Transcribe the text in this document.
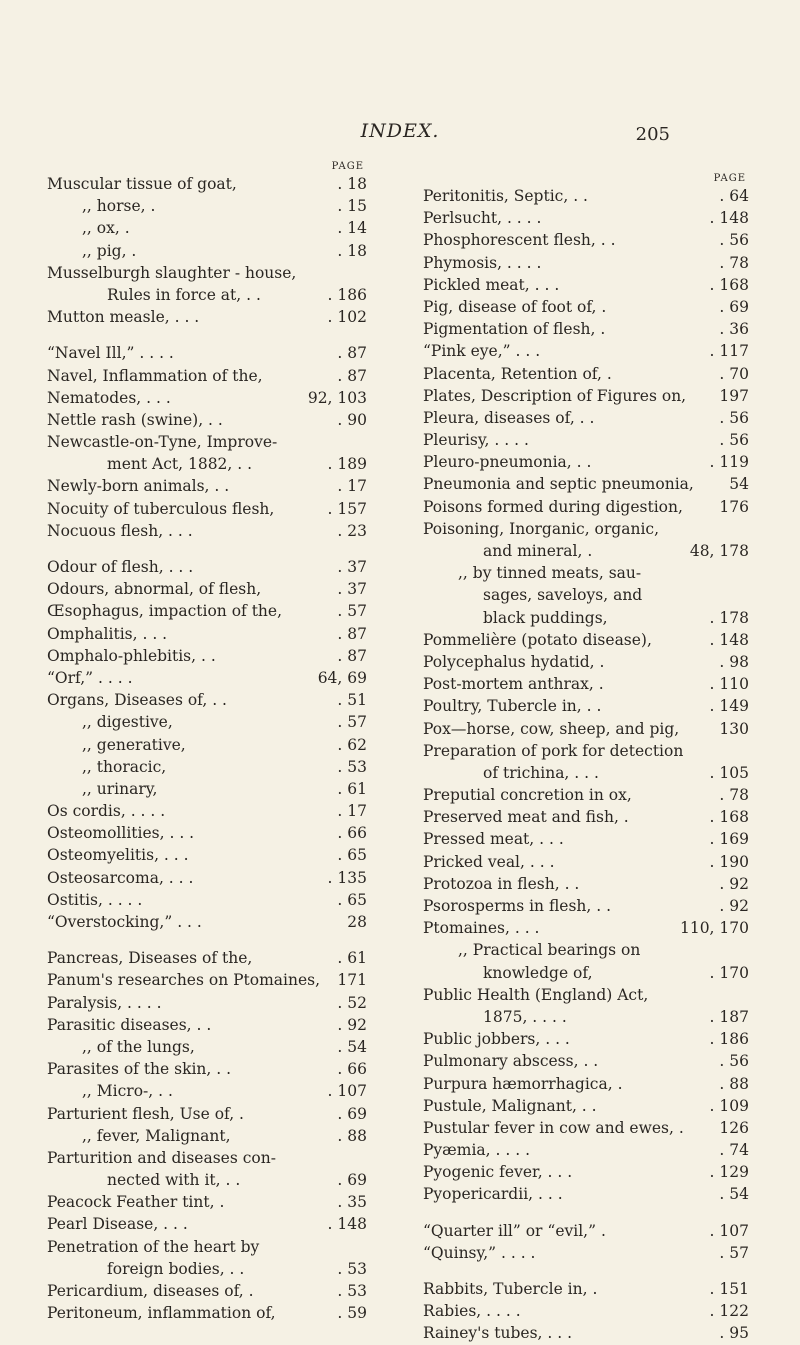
INDEX.	205
PAGE
Muscular tissue of goat,	. 18
,, horse, .	. 15
,, ox, .	. 14
,, pig, .	. 18
Musselburgh slaughter - house,
Rules in force at, . .	. 186
Mutton measle, . . .	. 102
“Navel Ill,” . . . .	. 87
Navel, Inflammation of the,	. 87
Nematodes, . . .	92, 103
Nettle rash (swine), . .	. 90
Newcastle-on-Tyne, Improve-
ment Act, 1882, . .	. 189
Newly-born animals, . .	. 17
Nocuity of tuberculous flesh,	. 157
Nocuous flesh, . . .	. 23
Odour of flesh, . . .	. 37
Odours, abnormal, of flesh,	. 37
Œsophagus, impaction of the,	. 57
Omphalitis, . . .	. 87
Omphalo-phlebitis, . .	. 87
“Orf,” . . . .	64, 69
Organs, Diseases of, . .	. 51
,, digestive,	. 57
,, generative,	. 62
,, thoracic,	. 53
,, urinary,	. 61
Os cordis, . . . .	. 17
Osteomollities, . . .	. 66
Osteomyelitis, . . .	. 65
Osteosarcoma, . . .	. 135
Ostitis, . . . .	. 65
“Overstocking,” . . .	28
Pancreas, Diseases of the,	. 61
Panum's researches on Ptomaines, 171
Paralysis, . . . .	. 52
Parasitic diseases, . .	. 92
,, of the lungs,	. 54
Parasites of the skin, . .	. 66
,, Micro-, . .	. 107
Parturient flesh, Use of, .	. 69
,, fever, Malignant,	. 88
Parturition and diseases con-
nected with it, . .	. 69
Peacock Feather tint, .	. 35
Pearl Disease, . . .	. 148
Penetration of the heart by
foreign bodies, . .	. 53
Pericardium, diseases of, .	. 53
Peritoneum, inflammation of,	. 59
PAGE
Peritonitis, Septic, . .	. 64
Perlsucht, . . . .	. 148
Phosphorescent flesh, . .	. 56
Phymosis, . . . .	. 78
Pickled meat, . . .	. 168
Pig, disease of foot of, .	. 69
Pigmentation of flesh, .	. 36
“Pink eye,” . . .	. 117
Placenta, Retention of, .	. 70
Plates, Description of Figures on, 197
Pleura, diseases of, . .	. 56
Pleurisy, . . . .	. 56
Pleuro-pneumonia, . .	. 119
Pneumonia and septic pneumonia, 54
Poisons formed during digestion, 176
Poisoning, Inorganic, organic,
and mineral, .	48, 178
,, by tinned meats, sau-
sages, saveloys, and
black puddings,	. 178
Pommelière (potato disease),	. 148
Polycephalus hydatid, .	. 98
Post-mortem anthrax, .	. 110
Poultry, Tubercle in, . .	. 149
Pox—horse, cow, sheep, and pig,	130
Preparation of pork for detection
of trichina, . . .	. 105
Preputial concretion in ox,	. 78
Preserved meat and fish, .	. 168
Pressed meat, . . .	. 169
Pricked veal, . . .	. 190
Protozoa in flesh, . .	. 92
Psorosperms in flesh, . .	. 92
Ptomaines, . . .	110, 170
,, Practical bearings on
knowledge of,	. 170
Public Health (England) Act,
1875, . . . .	. 187
Public jobbers, . . .	. 186
Pulmonary abscess, . .	. 56
Purpura hæmorrhagica, .	. 88
Pustule, Malignant, . .	. 109
Pustular fever in cow and ewes, . 126
Pyæmia, . . . .	. 74
Pyogenic fever, . . .	. 129
Pyopericardii, . . .	. 54
“Quarter ill” or “evil,” .	. 107
“Quinsy,” . . . .	. 57
Rabbits, Tubercle in, .	. 151
Rabies, . . . .	. 122
Rainey's tubes, . . .	. 95
